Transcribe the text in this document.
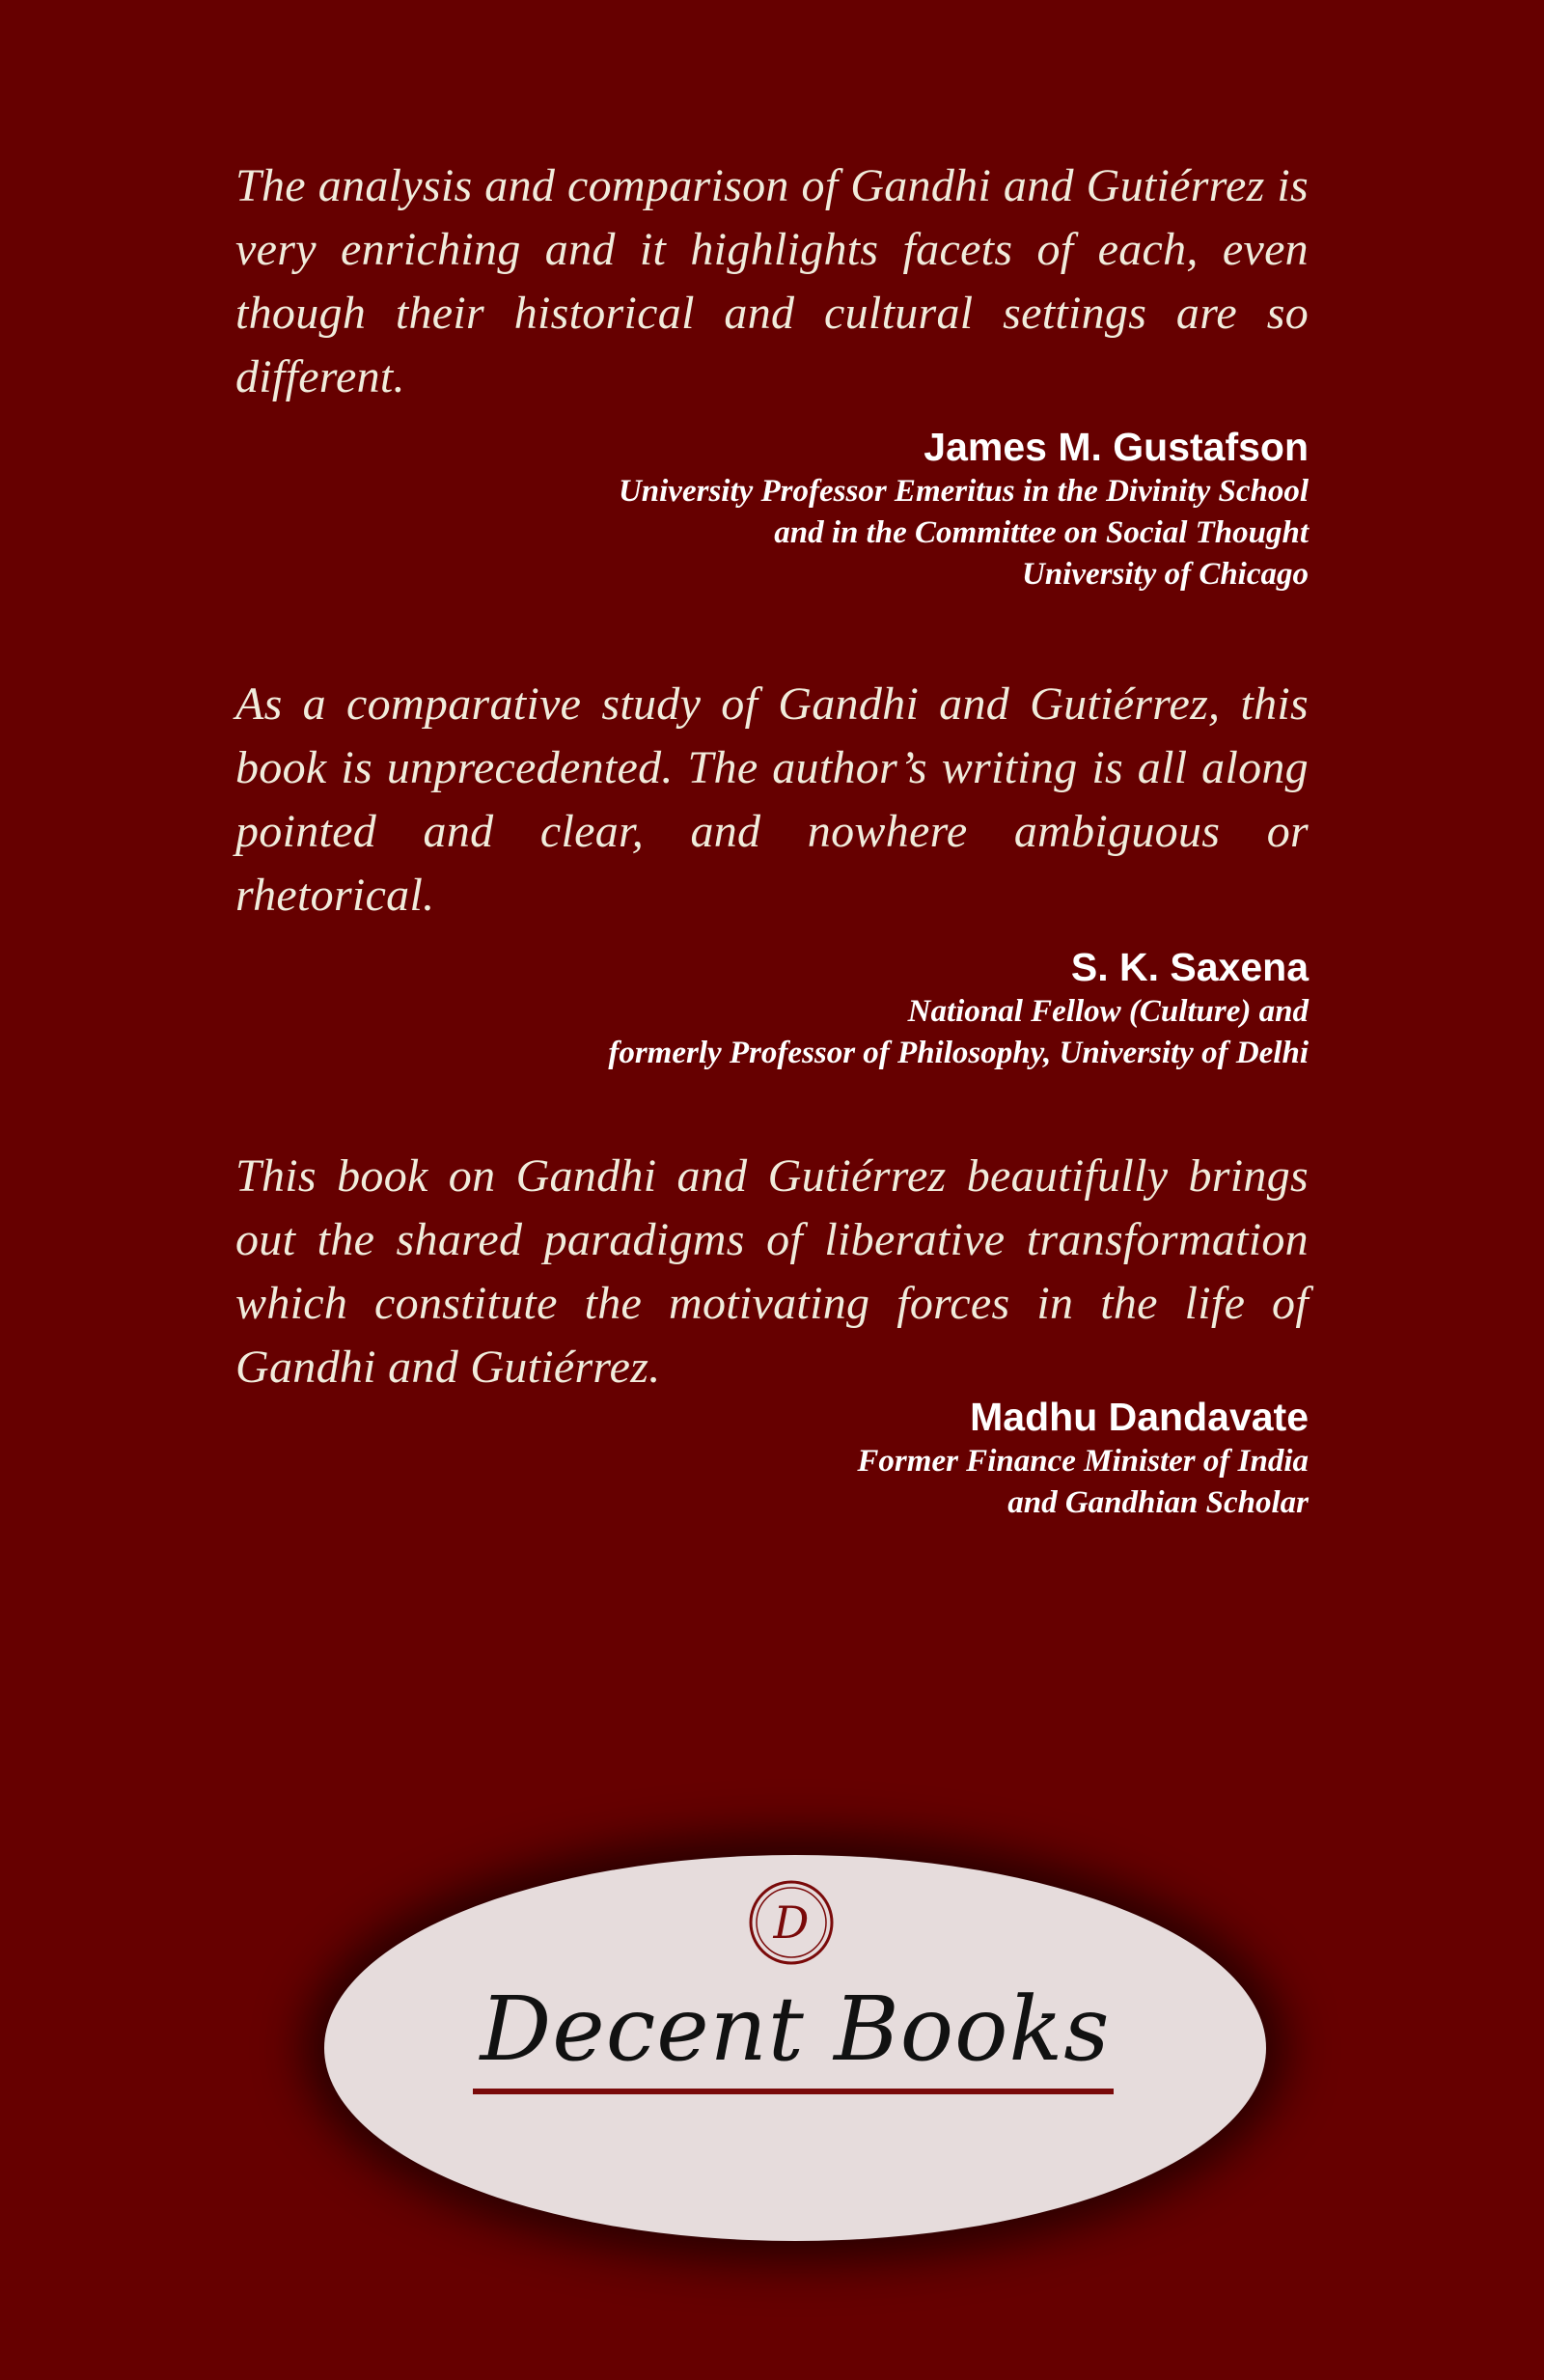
The analysis and comparison of Gandhi and Gutiérrez is very enriching and it highlights facets of each, even though their historical and cultural settings are so different.

James M. Gustafson
University Professor Emeritus in the Divinity School
and in the Committee on Social Thought
University of Chicago

As a comparative study of Gandhi and Gutiérrez, this book is unprecedented. The author’s writing is all along pointed and clear, and nowhere ambiguous or rhetorical.

S. K. Saxena
National Fellow (Culture) and
formerly Professor of Philosophy, University of Delhi

This book on Gandhi and Gutiérrez beautifully brings out the shared paradigms of liberative transformation which constitute the motivating forces in the life of Gandhi and Gutiérrez.

Madhu Dandavate
Former Finance Minister of India
and Gandhian Scholar
D
Decent Books
